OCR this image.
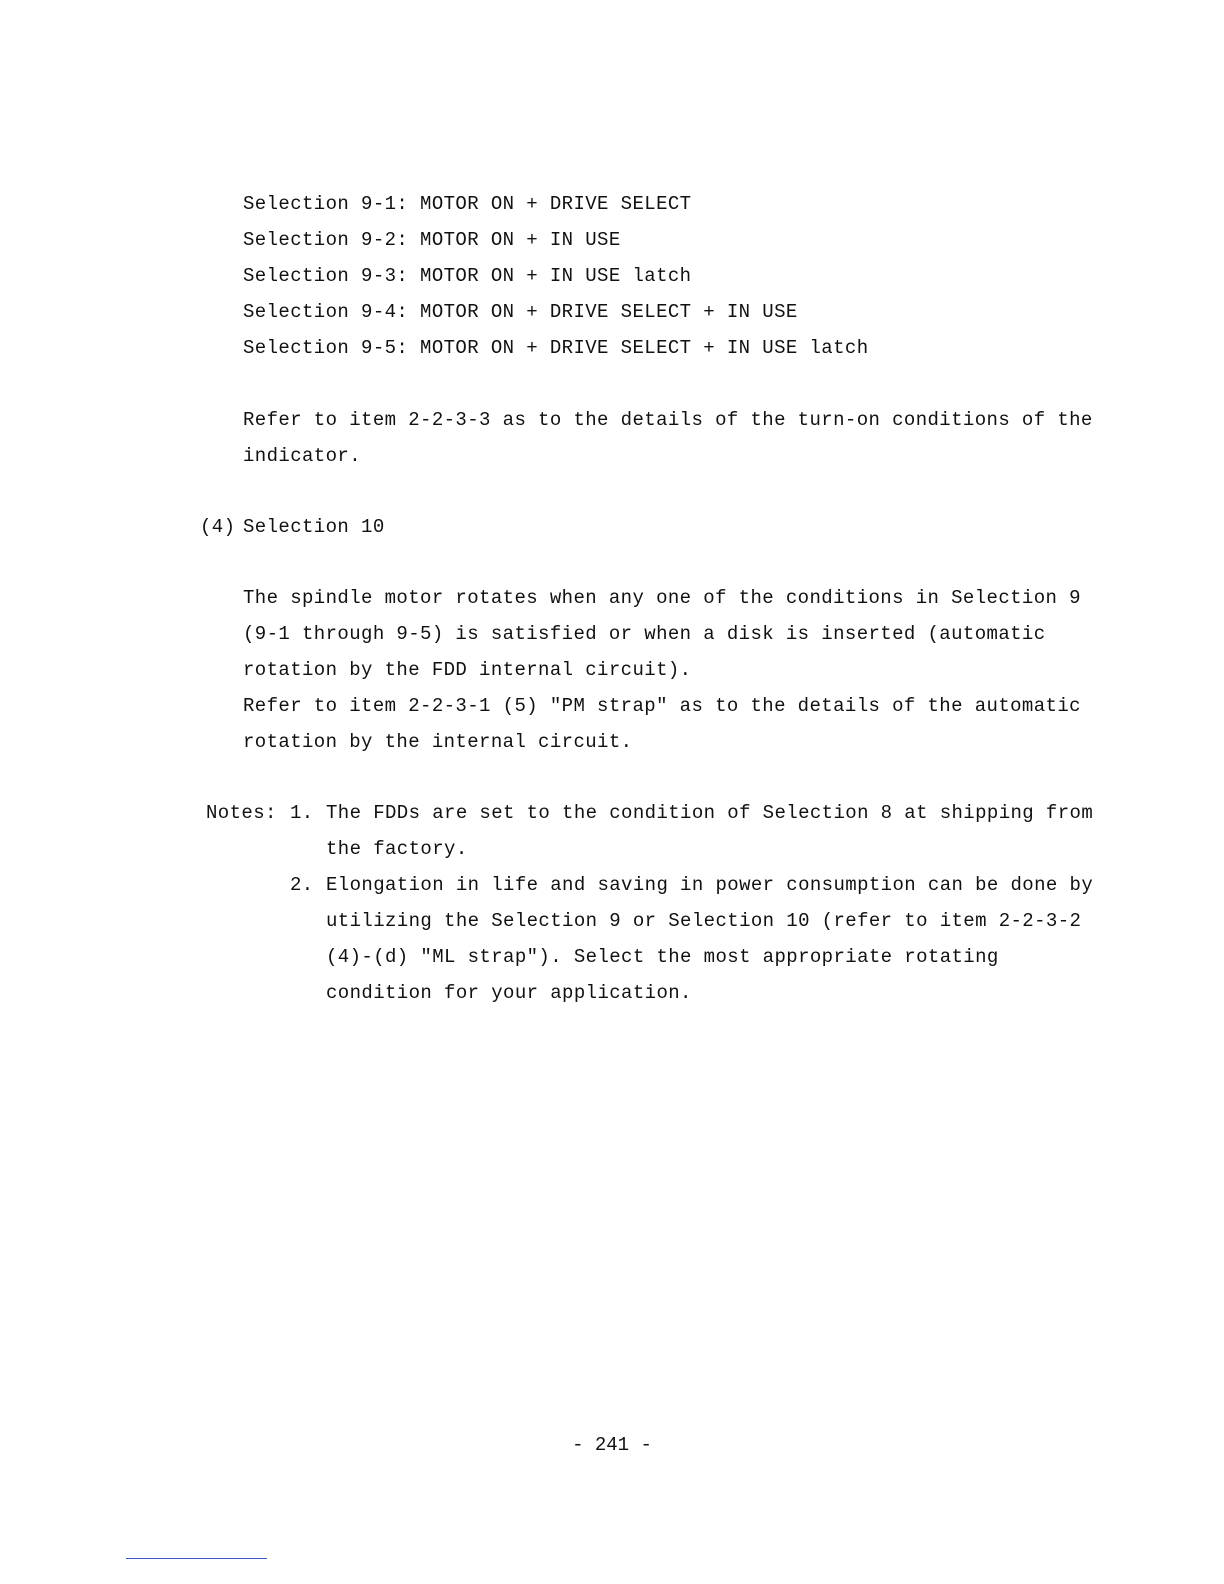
Selection 9-1: MOTOR ON + DRIVE SELECT
Selection 9-2: MOTOR ON + IN USE
Selection 9-3: MOTOR ON + IN USE latch
Selection 9-4: MOTOR ON + DRIVE SELECT + IN USE
Selection 9-5: MOTOR ON + DRIVE SELECT + IN USE latch
Refer to item 2-2-3-3 as to the details of the turn-on conditions of the
indicator.
(4) Selection 10
The spindle motor rotates when any one of the conditions in Selection 9
(9-1 through 9-5) is satisfied or when a disk is inserted (automatic
rotation by the FDD internal circuit).
Refer to item 2-2-3-1 (5) "PM strap" as to the details of the automatic
rotation by the internal circuit.
Notes: 1. The FDDs are set to the condition of Selection 8 at shipping from
the factory.
2. Elongation in life and saving in power consumption can be done by
utilizing the Selection 9 or Selection 10 (refer to item 2-2-3-2
(4)-(d) "ML strap"). Select the most appropriate rotating
condition for your application.
- 241 -
